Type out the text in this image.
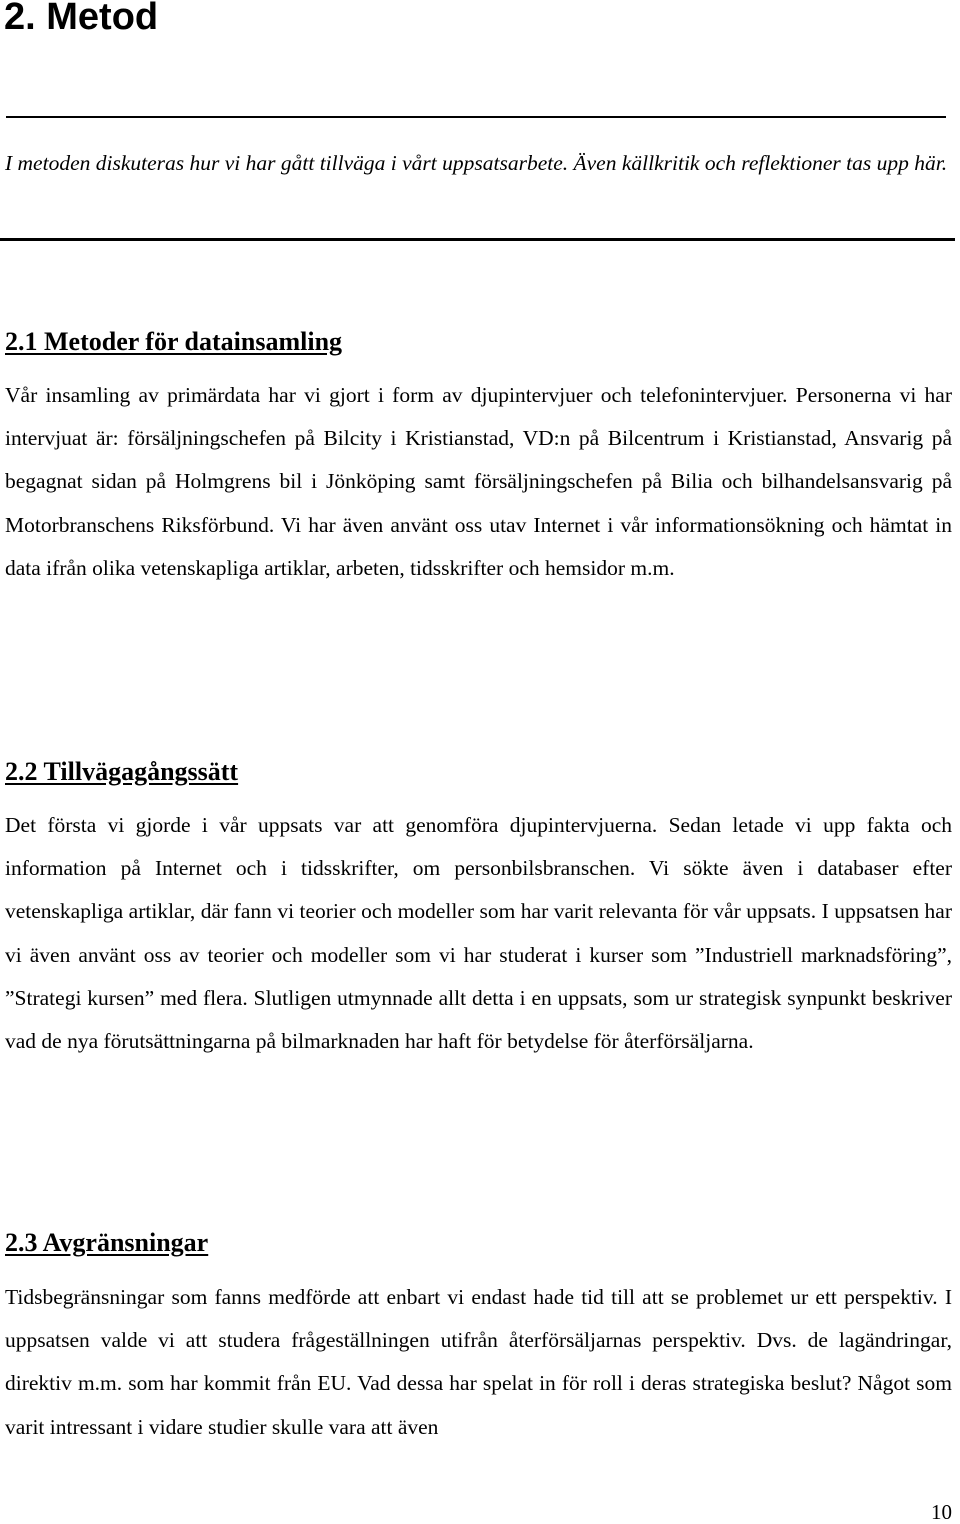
2. Metod

I metoden diskuteras hur vi har gått tillväga i vårt uppsatsarbete. Även källkritik och reflektioner tas upp här.

2.1 Metoder för datainsamling

Vår insamling av primärdata har vi gjort i form av djupintervjuer och telefonintervjuer. Personerna vi har intervjuat är: försäljningschefen på Bilcity i Kristianstad, VD:n på Bilcentrum i Kristianstad, Ansvarig på begagnat sidan på Holmgrens bil i Jönköping samt försäljningschefen på Bilia och bilhandelsansvarig på Motorbranschens Riksförbund. Vi har även använt oss utav Internet i vår informationsökning och hämtat in data ifrån olika vetenskapliga artiklar, arbeten, tidsskrifter och hemsidor m.m.

2.2 Tillvägagångssätt

Det första vi gjorde i vår uppsats var att genomföra djupintervjuerna. Sedan letade vi upp fakta och information på Internet och i tidsskrifter, om personbilsbranschen. Vi sökte även i databaser efter vetenskapliga artiklar, där fann vi teorier och modeller som har varit relevanta för vår uppsats. I uppsatsen har vi även använt oss av teorier och modeller som vi har studerat i kurser som ”Industriell marknadsföring”, ”Strategi kursen” med flera. Slutligen utmynnade allt detta i en uppsats, som ur strategisk synpunkt beskriver vad de nya förutsättningarna på bilmarknaden har haft för betydelse för återförsäljarna.

2.3 Avgränsningar

Tidsbegränsningar som fanns medförde att enbart vi endast hade tid till att se problemet ur ett perspektiv. I uppsatsen valde vi att studera frågeställningen utifrån återförsäljarnas perspektiv. Dvs. de lagändringar, direktiv m.m. som har kommit från EU. Vad dessa har spelat in för roll i deras strategiska beslut? Något som varit intressant i vidare studier skulle vara att även

10
